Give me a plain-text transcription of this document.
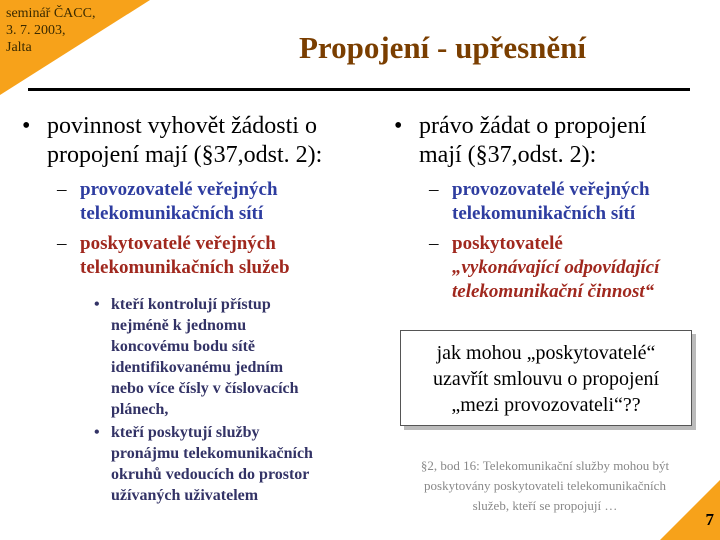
seminář ČACC,
3. 7. 2003,
Jalta	Propojení - upřesnění
• povinnost vyhovět žádosti o
propojení mají (§37,odst. 2):
– provozovatelé veřejných
telekomunikačních sítí
– poskytovatelé veřejných
telekomunikačních služeb
• kteří kontrolují přístup
nejméně k jednomu
koncovému bodu sítě
identifikovanému jedním
nebo více čísly v číslovacích
plánech,
• kteří poskytují služby
pronájmu telekomunikačních
okruhů vedoucích do prostor
užívaných uživatelem
• právo žádat o propojení
mají (§37,odst. 2):
– provozovatelé veřejných
telekomunikačních sítí
– poskytovatelé
„vykonávající odpovídající
telekomunikační činnost“
jak mohou „poskytovatelé“
uzavřít smlouvu o propojení
„mezi provozovateli“??
§2, bod 16: Telekomunikační služby mohou být
poskytovány poskytovateli telekomunikačních
služeb, kteří se propojují …
7
